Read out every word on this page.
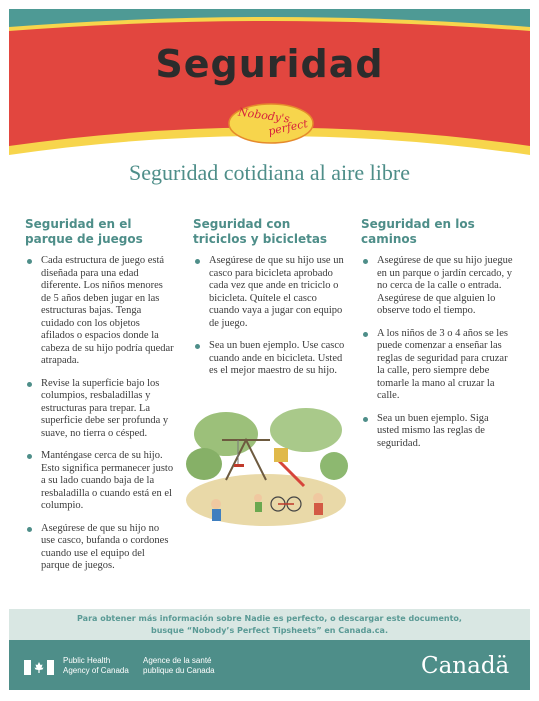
Seguridad
Nobody's
perfect
Seguridad cotidiana al aire libre
Seguridad en el parque de juegos
Cada estructura de juego está diseñada para una edad diferente. Los niños menores de 5 años deben jugar en las estructuras bajas. Tenga cuidado con los objetos afilados o espacios donde la cabeza de su hijo podría quedar atrapada.
Revise la superficie bajo los columpios, resbaladillas y estructuras para trepar. La superficie debe ser profunda y suave, no tierra o césped.
Manténgase cerca de su hijo. Esto significa permanecer justo a su lado cuando baja de la resbaladilla o cuando está en el columpio.
Asegúrese de que su hijo no use casco, bufanda o cordones cuando use el equipo del parque de juegos.
Seguridad con triciclos y bicicletas
Asegúrese de que su hijo use un casco para bicicleta aprobado cada vez que ande en triciclo o bicicleta. Quítele el casco cuando vaya a jugar con equipo de juego.
Sea un buen ejemplo. Use casco cuando ande en bicicleta. Usted es el mejor maestro de su hijo.
Seguridad en los caminos
Asegúrese de que su hijo juegue en un parque o jardín cercado, y no cerca de la calle o entrada. Asegúrese de que alguien lo observe todo el tiempo.
A los niños de 3 o 4 años se les puede comenzar a enseñar las reglas de seguridad para cruzar la calle, pero siempre debe tomarle la mano al cruzar la calle.
Sea un buen ejemplo. Siga usted mismo las reglas de seguridad.
Para obtener más información sobre Nadie es perfecto, o descargar este documento,
busque “Nobody’s Perfect Tipsheets” en Canada.ca.
Public Health
Agency of Canada
Agence de la santé
publique du Canada	Canadä
